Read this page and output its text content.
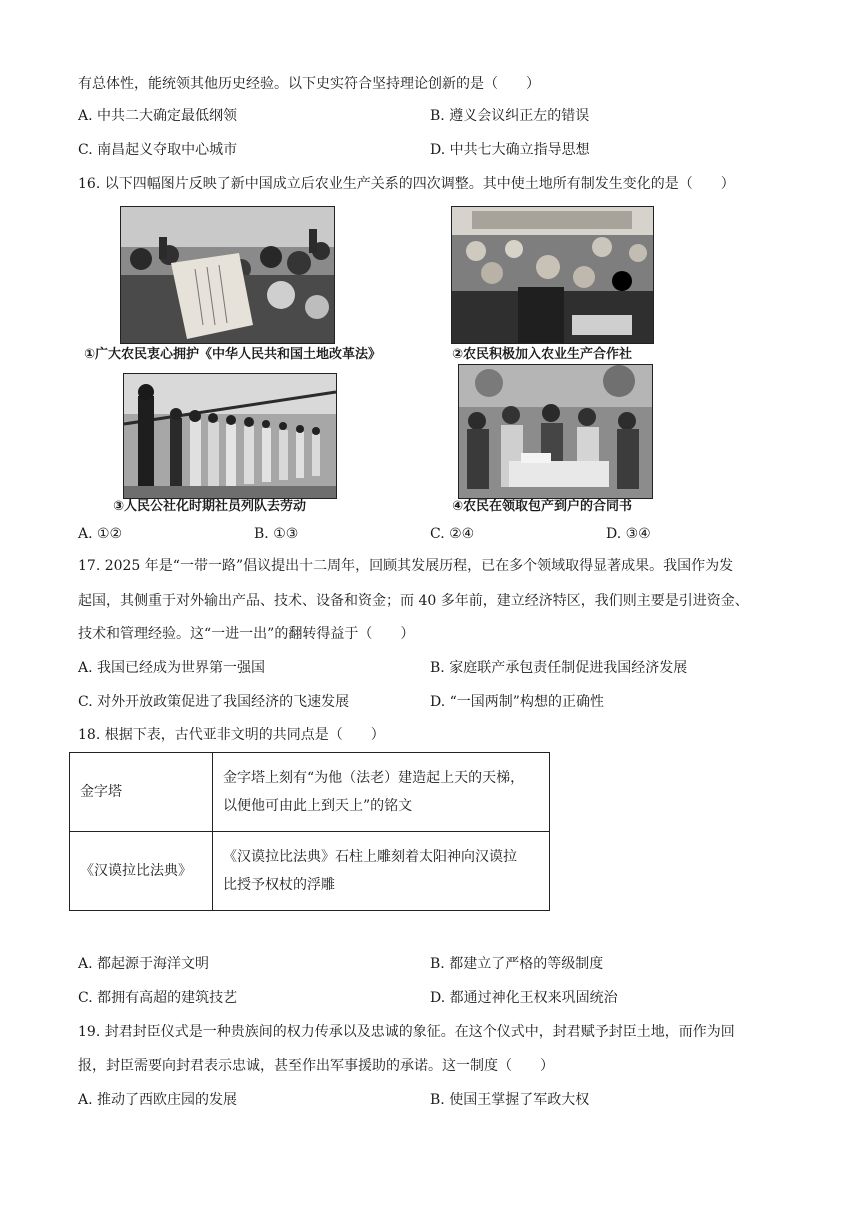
有总体性，能统领其他历史经验。以下史实符合坚持理论创新的是（　　）
A. 中共二大确定最低纲领	B. 遵义会议纠正左的错误
C. 南昌起义夺取中心城市	D. 中共七大确立指导思想
16. 以下四幅图片反映了新中国成立后农业生产关系的四次调整。其中使土地所有制发生变化的是（　　）
①广大农民衷心拥护《中华人民共和国土地改革法》	②农民积极加入农业生产合作社
③人民公社化时期社员列队去劳动	④农民在领取包产到户的合同书
A. ①②	B. ①③	C. ②④	D. ③④
17. 2025 年是“一带一路”倡议提出十二周年，回顾其发展历程，已在多个领域取得显著成果。我国作为发
起国，其侧重于对外输出产品、技术、设备和资金；而 40 多年前，建立经济特区，我们则主要是引进资金、
技术和管理经验。这“一进一出”的翻转得益于（　　）
A. 我国已经成为世界第一强国	B. 家庭联产承包责任制促进我国经济发展
C. 对外开放政策促进了我国经济的飞速发展	D. “一国两制”构想的正确性
18. 根据下表，古代亚非文明的共同点是（　　）
金字塔	金字塔上刻有“为他（法老）建造起上天的天梯，
以便他可由此上到天上”的铭文

《汉谟拉比法典》	《汉谟拉比法典》石柱上雕刻着太阳神向汉谟拉
比授予权杖的浮雕
A. 都起源于海洋文明	B. 都建立了严格的等级制度
C. 都拥有高超的建筑技艺	D. 都通过神化王权来巩固统治
19. 封君封臣仪式是一种贵族间的权力传承以及忠诚的象征。在这个仪式中，封君赋予封臣土地，而作为回
报，封臣需要向封君表示忠诚，甚至作出军事援助的承诺。这一制度（　　）
A. 推动了西欧庄园的发展	B. 使国王掌握了军政大权
